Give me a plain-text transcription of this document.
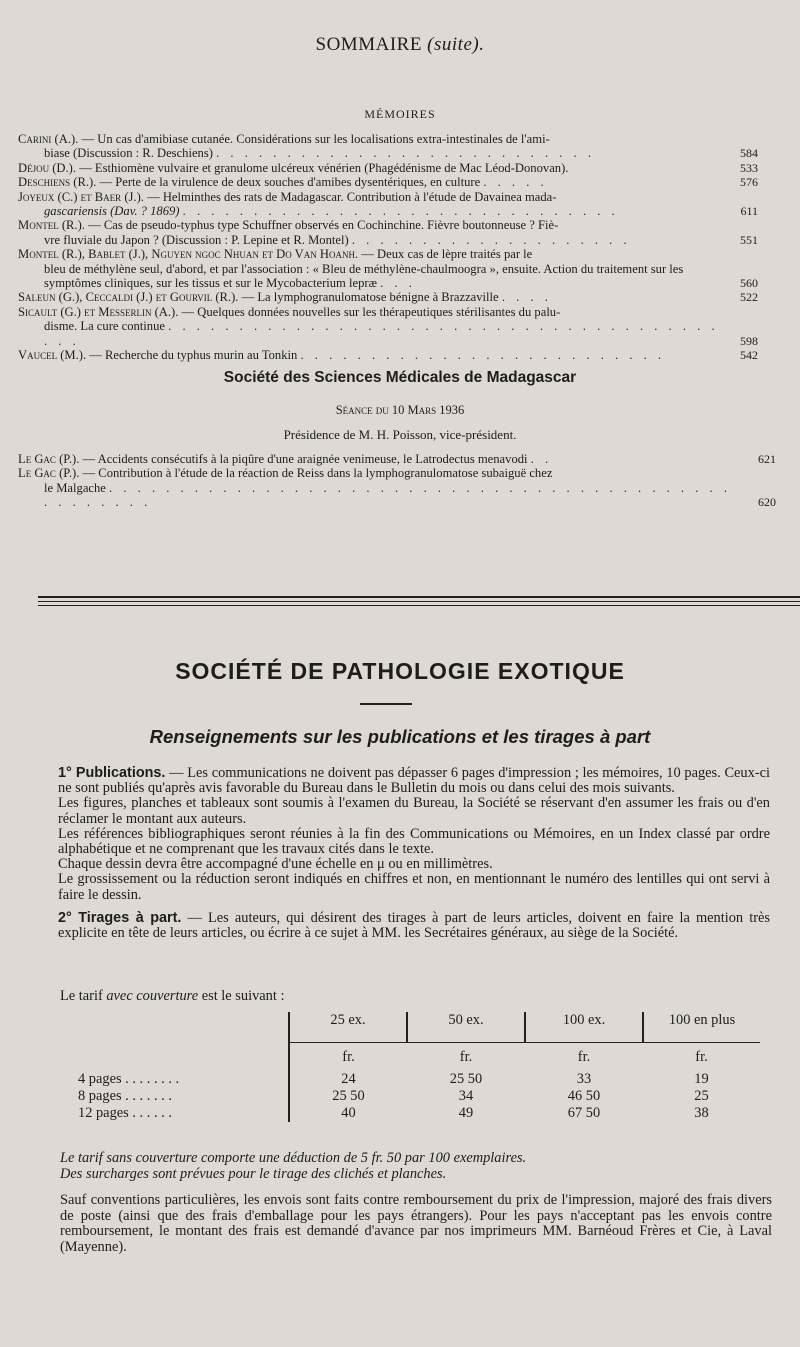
SOMMAIRE (suite).
MÉMOIRES
Carini (A.). — Un cas d'amibiase cutanée. Considérations sur les localisations extra-intestinales de l'ami-
biase (Discussion : R. Deschiens) . . . . . . . . . . . . . . . . . . . . . . . . . . .	584
Déjou (D.). — Esthiomène vulvaire et granulome ulcéreux vénérien (Phagédénisme de Mac Léod-Donovan).	533
Deschiens (R.). — Perte de la virulence de deux souches d'amibes dysentériques, en culture . . . . .	576
Joyeux (C.) et Baer (J.). — Helminthes des rats de Madagascar. Contribution à l'étude de Davainea mada-
gascariensis (Dav. ? 1869) . . . . . . . . . . . . . . . . . . . . . . . . . . . . . . .	611
Montel (R.). — Cas de pseudo-typhus type Schuffner observés en Cochinchine. Fièvre boutonneuse ? Fiè-
vre fluviale du Japon ? (Discussion : P. Lepine et R. Montel) . . . . . . . . . . . . . . . . . . . .	551
Montel (R.), Bablet (J.), Nguyen ngoc Nhuan et Do Van Hoanh. — Deux cas de lèpre traités par le
bleu de méthylène seul, d'abord, et par l'association : « Bleu de méthylène-chaulmoogra », ensuite. Action du traitement sur les symptômes cliniques, sur les tissus et sur le Mycobacterium lepræ . . .	560
Saleun (G.), Ceccaldi (J.) et Gourvil (R.). — La lymphogranulomatose bénigne à Brazzaville . . . .	522
Sicault (G.) et Messerlin (A.). — Quelques données nouvelles sur les thérapeutiques stérilisantes du palu-
disme. La cure continue . . . . . . . . . . . . . . . . . . . . . . . . . . . . . . . . . . . . . . . . . .	598
Vaucel (M.). — Recherche du typhus murin au Tonkin . . . . . . . . . . . . . . . . . . . . . . . . . .	542
Société des Sciences Médicales de Madagascar
Séance du 10 Mars 1936
Présidence de M. H. Poisson, vice-président.
Le Gac (P.). — Accidents consécutifs à la piqûre d'une araignée venimeuse, le Latrodectus menavodi . .	621
Le Gac (P.). — Contribution à l'étude de la réaction de Reiss dans la lymphogranulomatose subaiguë chez
le Malgache . . . . . . . . . . . . . . . . . . . . . . . . . . . . . . . . . . . . . . . . . . . . . . . . . . . .	620
SOCIÉTÉ DE PATHOLOGIE EXOTIQUE
Renseignements sur les publications et les tirages à part

1° Publications. — Les communications ne doivent pas dépasser 6 pages d'impression ; les mémoires, 10 pages. Ceux-ci ne sont publiés qu'après avis favorable du Bureau dans le Bulletin du mois ou dans celui des mois suivants.

Les figures, planches et tableaux sont soumis à l'examen du Bureau, la Société se réservant d'en assumer les frais ou d'en réclamer le montant aux auteurs.

Les références bibliographiques seront réunies à la fin des Communications ou Mémoires, en un Index classé par ordre alphabétique et ne comprenant que les travaux cités dans le texte.

Chaque dessin devra être accompagné d'une échelle en μ ou en millimètres.

Le grossissement ou la réduction seront indiqués en chiffres et non, en mentionnant le numéro des lentilles qui ont servi à faire le dessin.

2° Tirages à part. — Les auteurs, qui désirent des tirages à part de leurs articles, doivent en faire la mention très explicite en tête de leurs articles, ou écrire à ce sujet à MM. les Secrétaires généraux, au siège de la Société.

Le tarif avec couverture est le suivant :
	25 ex.	50 ex.	100 ex.	100 en plus
	fr.	fr.	fr.	fr.
4 pages . . . . . . . .	24	25 50	33	19
8 pages . . . . . . .	25 50	34	46 50	25
12 pages . . . . . .	40	49	67 50	38
Le tarif sans couverture comporte une déduction de 5 fr. 50 par 100 exemplaires.
Des surcharges sont prévues pour le tirage des clichés et planches.
Sauf conventions particulières, les envois sont faits contre remboursement du prix de l'impression, majoré des frais divers de poste (ainsi que des frais d'emballage pour les pays étrangers). Pour les pays n'acceptant pas les envois contre remboursement, le montant des frais est demandé d'avance par nos imprimeurs MM. Barnéoud Frères et Cie, à Laval (Mayenne).
